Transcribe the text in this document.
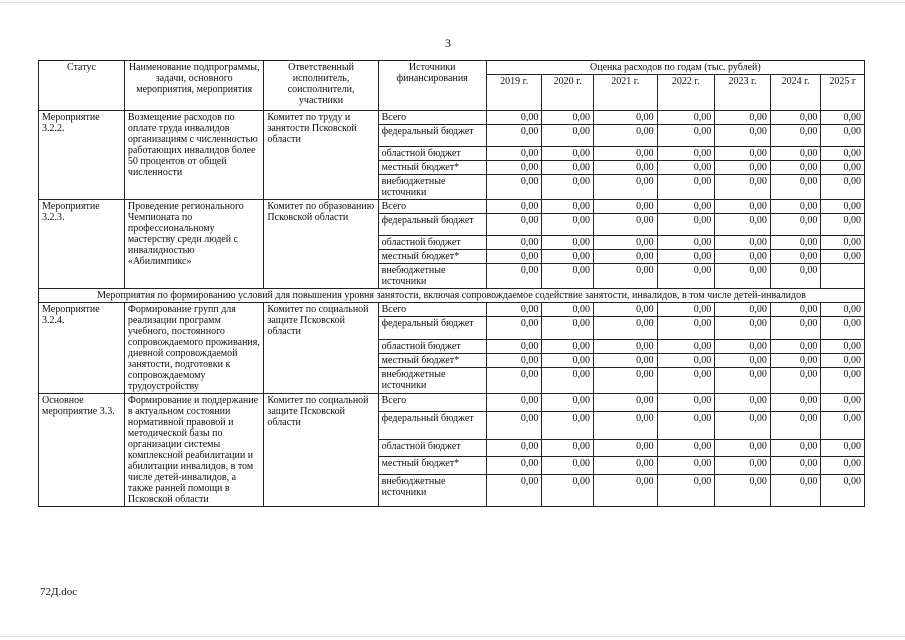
3
Статус	Наименование подпрограммы, задачи, основного мероприятия, мероприятия	Ответственный исполнитель, соисполнители, участники	Источники финансирования	Оценка расходов по годам (тыс. рублей)						
				2019 г.	2020 г.	2021 г.	2022 г.	2023 г.	2024 г.	2025 г
Мероприятие 3.2.2.	Возмещение расходов по оплате труда инвалидов организациям с численностью работающих инвалидов более 50 процентов от общей численности	Комитет по труду и занятости Псковской области	Всего	0,00	0,00	0,00	0,00	0,00	0,00	0,00
			федеральный бюджет	0,00	0,00	0,00	0,00	0,00	0,00	0,00
			областной бюджет	0,00	0,00	0,00	0,00	0,00	0,00	0,00
			местный бюджет*	0,00	0,00	0,00	0,00	0,00	0,00	0,00
			внебюджетные источники	0,00	0,00	0,00	0,00	0,00	0,00	0,00
Мероприятие 3.2.3.	Проведение регионального Чемпионата по профессиональному мастерству среди людей с инвалидностью «Абилимпикс»	Комитет по образованию Псковской области	Всего	0,00	0,00	0,00	0,00	0,00	0,00	0,00
			федеральный бюджет	0,00	0,00	0,00	0,00	0,00	0,00	0,00
			областной бюджет	0,00	0,00	0,00	0,00	0,00	0,00	0,00
			местный бюджет*	0,00	0,00	0,00	0,00	0,00	0,00	0,00
			внебюджетные источники	0,00	0,00	0,00	0,00	0,00	0,00	
Мероприятия по формированию условий для повышения уровня занятости, включая сопровождаемое содействие занятости, инвалидов, в том числе детей-инвалидов										
Мероприятие 3.2.4.	Формирование групп для реализации программ учебного, постоянного сопровождаемого проживания, дневной сопровождаемой занятости, подготовки к сопровождаемому трудоустройству	Комитет по социальной защите Псковской области	Всего	0,00	0,00	0,00	0,00	0,00	0,00	0,00
			федеральный бюджет	0,00	0,00	0,00	0,00	0,00	0,00	0,00
			областной бюджет	0,00	0,00	0,00	0,00	0,00	0,00	0,00
			местный бюджет*	0,00	0,00	0,00	0,00	0,00	0,00	0,00
			внебюджетные источники	0,00	0,00	0,00	0,00	0,00	0,00	0,00
Основное мероприятие 3.3.	Формирование и поддержание в актуальном состоянии нормативной правовой и методической базы по организации системы комплексной реабилитации и абилитации инвалидов, в том числе детей-инвалидов, а также ранней помощи в Псковской области	Комитет по социальной защите Псковской области	Всего	0,00	0,00	0,00	0,00	0,00	0,00	0,00
			федеральный бюджет	0,00	0,00	0,00	0,00	0,00	0,00	0,00
			областной бюджет	0,00	0,00	0,00	0,00	0,00	0,00	0,00
			местный бюджет*	0,00	0,00	0,00	0,00	0,00	0,00	0,00
			внебюджетные источники	0,00	0,00	0,00	0,00	0,00	0,00	0,00
72Д.doc
